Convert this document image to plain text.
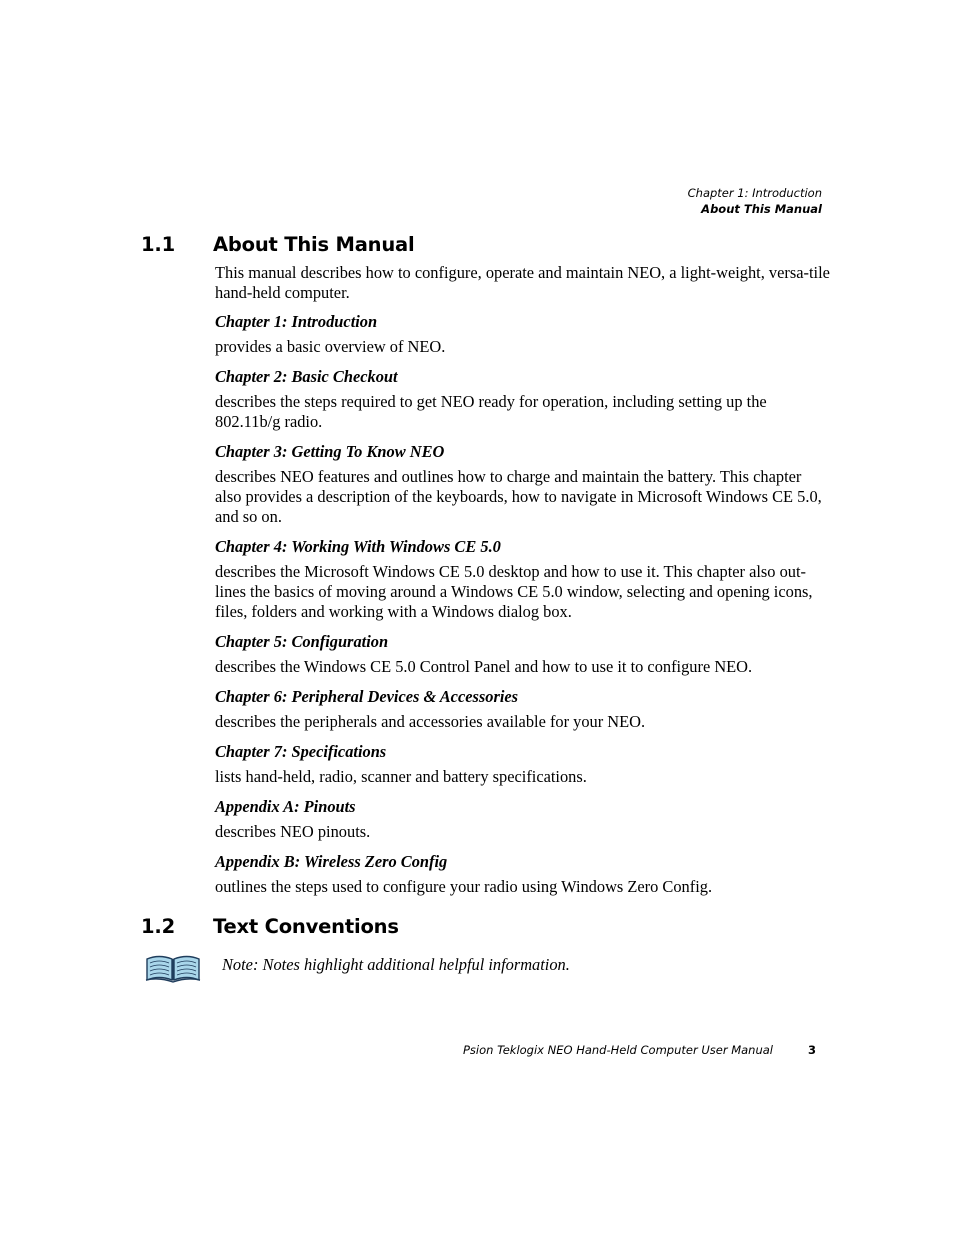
Chapter 1: Introduction
About This Manual
1.1 About This Manual

This manual describes how to configure, operate and maintain NEO, a light-weight, versa-tile hand-held computer.

Chapter 1: Introduction

provides a basic overview of NEO.

Chapter 2: Basic Checkout

describes the steps required to get NEO ready for operation, including setting up the 802.11b/g radio.

Chapter 3: Getting To Know NEO

describes NEO features and outlines how to charge and maintain the battery. This chapter also provides a description of the keyboards, how to navigate in Microsoft Windows CE 5.0, and so on.

Chapter 4: Working With Windows CE 5.0

describes the Microsoft Windows CE 5.0 desktop and how to use it. This chapter also out-lines the basics of moving around a Windows CE 5.0 window, selecting and opening icons, files, folders and working with a Windows dialog box.

Chapter 5: Configuration

describes the Windows CE 5.0 Control Panel and how to use it to configure NEO.

Chapter 6: Peripheral Devices & Accessories

describes the peripherals and accessories available for your NEO.

Chapter 7: Specifications

lists hand-held, radio, scanner and battery specifications.

Appendix A: Pinouts

describes NEO pinouts.

Appendix B: Wireless Zero Config

outlines the steps used to configure your radio using Windows Zero Config.

1.2 Text Conventions
Note: Notes highlight additional helpful information.
Psion Teklogix NEO Hand-Held Computer User Manual	3
